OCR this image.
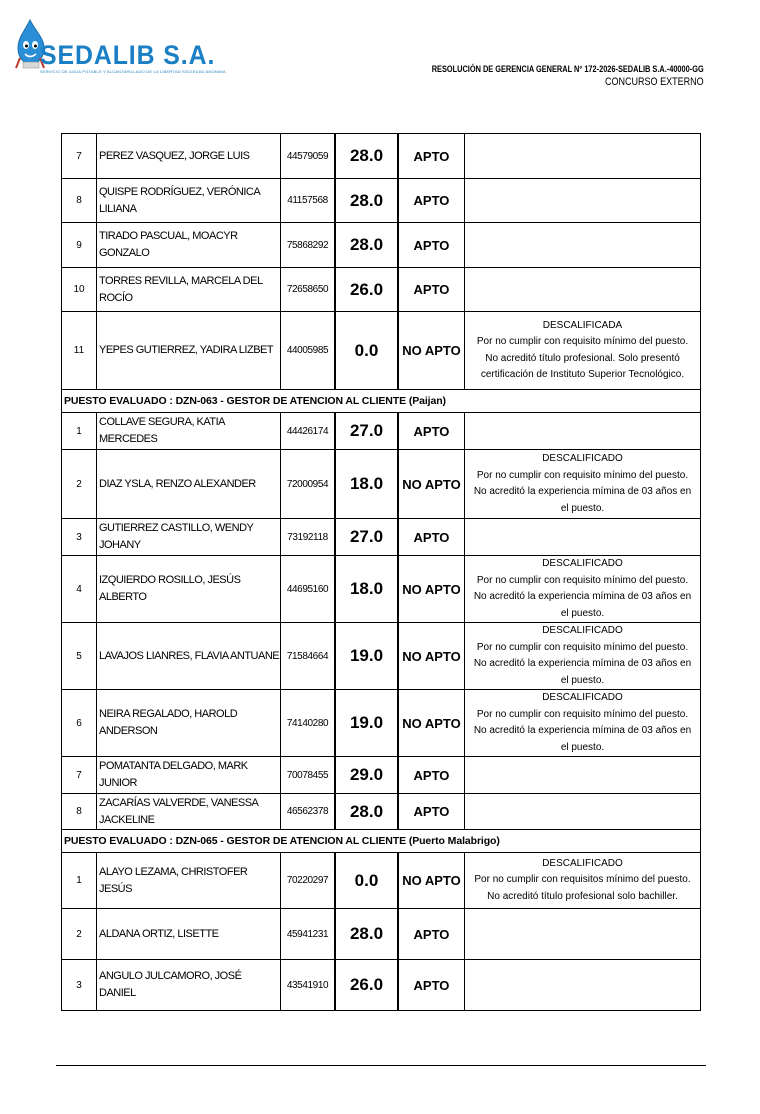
SEDALIB S.A.
SERVICIO DE AGUA POTABLE Y ALCANTARILLADO DE LA LIBERTAD SOCIEDAD ANONIMA	RESOLUCIÓN DE GERENCIA GENERAL N° 172-2026-SEDALIB S.A.-40000-GG
CONCURSO EXTERNO
7	PEREZ VASQUEZ, JORGE LUIS	44579059	28.0	APTO	
8	QUISPE RODRÍGUEZ, VERÓNICA
LILIANA	41157568	28.0	APTO	
9	TIRADO PASCUAL, MOACYR
GONZALO	75868292	28.0	APTO	
10	TORRES REVILLA, MARCELA DEL
ROCÍO	72658650	26.0	APTO	
11	YEPES GUTIERREZ, YADIRA LIZBET	44005985	0.0	NO APTO	DESCALIFICADA
Por no cumplir con requisito mínimo del puesto.
No acreditó título profesional. Solo presentó
certificación de Instituto Superior Tecnológico.

PUESTO EVALUADO : DZN-063 - GESTOR DE ATENCION AL CLIENTE (Paijan)					
1	COLLAVE SEGURA, KATIA MERCEDES	44426174	27.0	APTO	
2	DIAZ YSLA, RENZO ALEXANDER	72000954	18.0	NO APTO	DESCALIFICADO
Por no cumplir con requisito mínimo del puesto.
No acreditó la experiencia mímina de 03 años en
el puesto.

3	GUTIERREZ CASTILLO, WENDY
JOHANY	73192118	27.0	APTO	
4	IZQUIERDO ROSILLO, JESÚS
ALBERTO	44695160	18.0	NO APTO	DESCALIFICADO
Por no cumplir con requisito mínimo del puesto.
No acreditó la experiencia mímina de 03 años en
el puesto.

5	LAVAJOS LIANRES, FLAVIA ANTUANE	71584664	19.0	NO APTO	DESCALIFICADO
Por no cumplir con requisito mínimo del puesto.
No acreditó la experiencia mímina de 03 años en
el puesto.

6	NEIRA REGALADO, HAROLD
ANDERSON	74140280	19.0	NO APTO	DESCALIFICADO
Por no cumplir con requisito mínimo del puesto.
No acreditó la experiencia mímina de 03 años en
el puesto.

7	POMATANTA DELGADO, MARK
JUNIOR	70078455	29.0	APTO	
8	ZACARÍAS VALVERDE, VANESSA
JACKELINE	46562378	28.0	APTO	
PUESTO EVALUADO : DZN-065 - GESTOR DE ATENCION AL CLIENTE (Puerto Malabrigo)					
1	ALAYO LEZAMA, CHRISTOFER JESÚS	70220297	0.0	NO APTO	DESCALIFICADO
Por no cumplir con requisitos mínimo del puesto.
No acreditó título profesional solo bachiller.

2	ALDANA ORTIZ, LISETTE	45941231	28.0	APTO	
3	ANGULO JULCAMORO, JOSÉ DANIEL	43541910	26.0	APTO	
